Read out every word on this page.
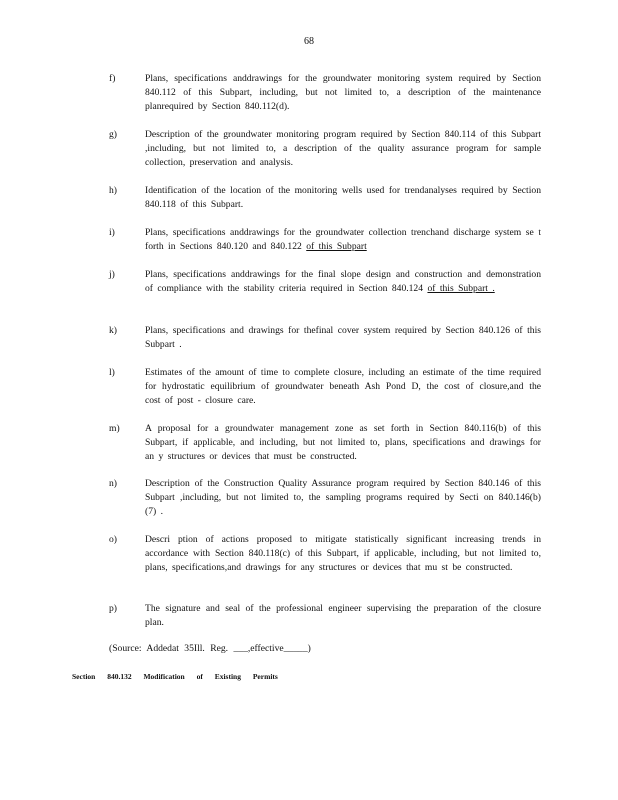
68
f)	Plans, specifications anddrawings for the groundwater monitoring system required by Section 840.112 of this Subpart, including, but not limited to, a description of the maintenance planrequired by Section 840.112(d).
g)	Description of the groundwater monitoring program required by Section 840.114 of this Subpart ,including, but not limited to, a description of the quality assurance program for sample collection, preservation and analysis.
h)	Identification of the location of the monitoring wells used for trendanalyses required by Section 840.118 of this Subpart.
i)	Plans, specifications anddrawings for the groundwater collection trenchand discharge system se t forth in Sections 840.120 and 840.122 of this Subpart
j)	Plans, specifications anddrawings for the final slope design and construction and demonstration of compliance with the stability criteria required in Section 840.124 of this Subpart .
k)	Plans, specifications and drawings for thefinal cover system required by Section 840.126 of this Subpart .
l)	Estimates of the amount of time to complete closure, including an estimate of the time required for hydrostatic equilibrium of groundwater beneath Ash Pond D, the cost of closure,and the cost of post - closure care.
m)	A proposal for a groundwater management zone as set forth in Section 840.116(b) of this Subpart, if applicable, and including, but not limited to, plans, specifications and drawings for an y structures or devices that must be constructed.
n)	Description of the Construction Quality Assurance program required by Section 840.146 of this Subpart ,including, but not limited to, the sampling programs required by Secti on 840.146(b)(7) .
o)	Descri ption of actions proposed to mitigate statistically significant increasing trends in accordance with Section 840.118(c) of this Subpart, if applicable, including, but not limited to, plans, specifications,and drawings for any structures or devices that mu st be constructed.
p)	The signature and seal of the professional engineer supervising the preparation of the closure plan.
(Source: Addedat 35Ill. Reg. ___,effective_____)
Section 840.132 Modification of Existing Permits
